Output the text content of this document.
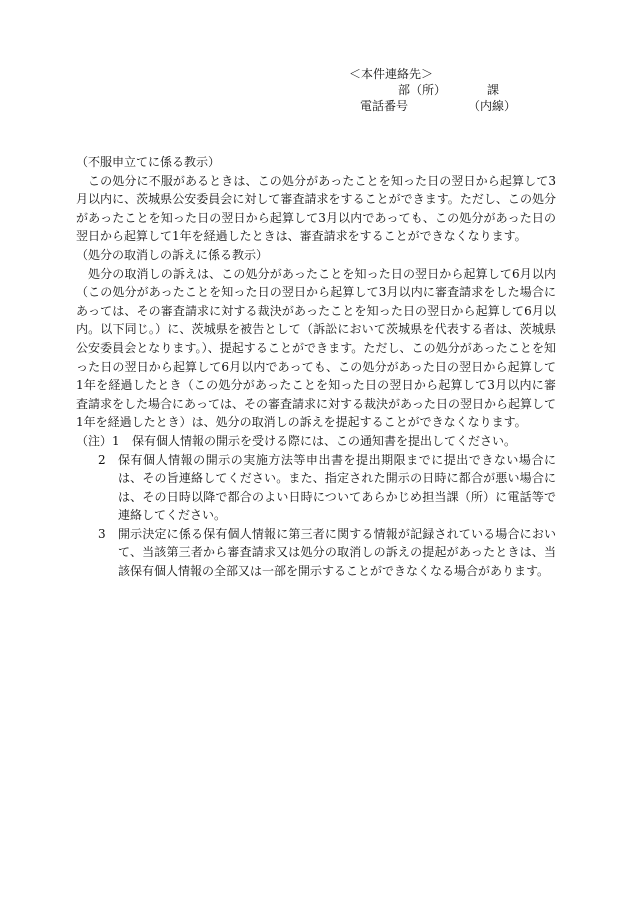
＜本件連絡先＞
部（所）	課
電話番号	（内線）

（不服申立てに係る教示）

この処分に不服があるときは、この処分があったことを知った日の翌日から起算して3月以内に、茨城県公安委員会に対して審査請求をすることができます。ただし、この処分があったことを知った日の翌日から起算して3月以内であっても、この処分があった日の翌日から起算して1年を経過したときは、審査請求をすることができなくなります。

（処分の取消しの訴えに係る教示）

処分の取消しの訴えは、この処分があったことを知った日の翌日から起算して6月以内（この処分があったことを知った日の翌日から起算して3月以内に審査請求をした場合にあっては、その審査請求に対する裁決があったことを知った日の翌日から起算して6月以内。以下同じ。）に、茨城県を被告として（訴訟において茨城県を代表する者は、茨城県公安委員会となります。）、提起することができます。ただし、この処分があったことを知った日の翌日から起算して6月以内であっても、この処分があった日の翌日から起算して1年を経過したとき（この処分があったことを知った日の翌日から起算して3月以内に審査請求をした場合にあっては、その審査請求に対する裁決があった日の翌日から起算して1年を経過したとき）は、処分の取消しの訴えを提起することができなくなります。

（注） 1	保有個人情報の開示を受ける際には、この通知書を提出してください。
2	保有個人情報の開示の実施方法等申出書を提出期限までに提出できない場合には、その旨連絡してください。また、指定された開示の日時に都合が悪い場合には、その日時以降で都合のよい日時についてあらかじめ担当課（所）に電話等で連絡してください。
3	開示決定に係る保有個人情報に第三者に関する情報が記録されている場合において、当該第三者から審査請求又は処分の取消しの訴えの提起があったときは、当該保有個人情報の全部又は一部を開示することができなくなる場合があります。
